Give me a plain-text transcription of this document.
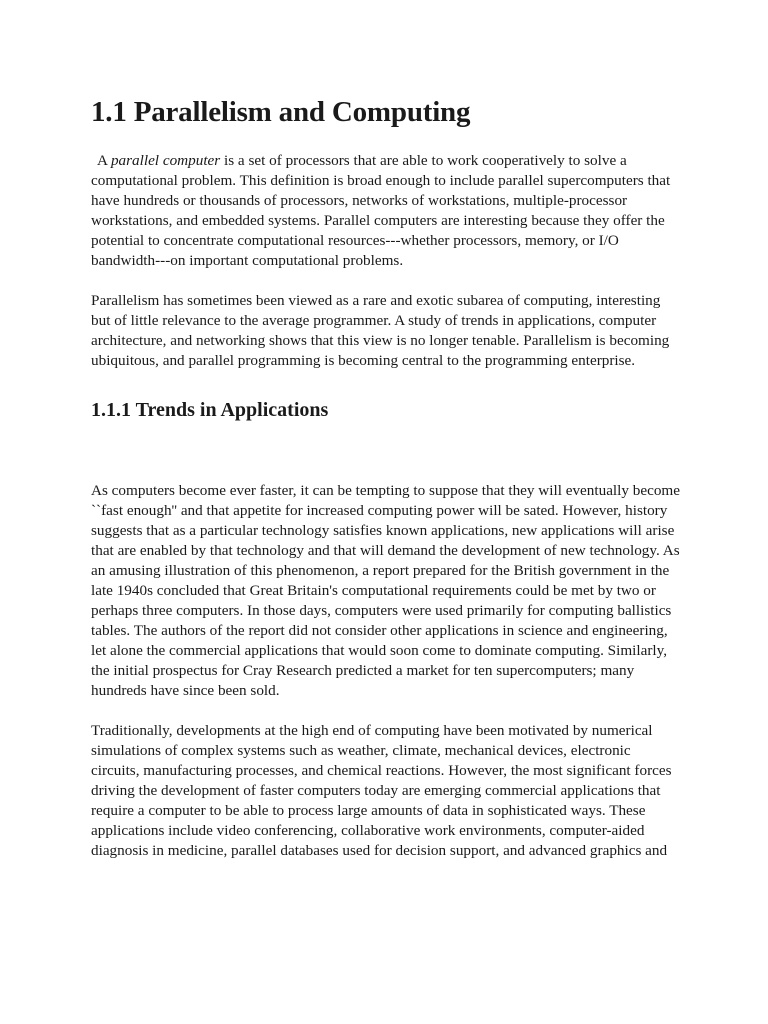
1.1 Parallelism and Computing

A parallel computer is a set of processors that are able to work cooperatively to solve a computational problem. This definition is broad enough to include parallel supercomputers that have hundreds or thousands of processors, networks of workstations, multiple-processor workstations, and embedded systems. Parallel computers are interesting because they offer the potential to concentrate computational resources---whether processors, memory, or I/O bandwidth---on important computational problems.

Parallelism has sometimes been viewed as a rare and exotic subarea of computing, interesting but of little relevance to the average programmer. A study of trends in applications, computer architecture, and networking shows that this view is no longer tenable. Parallelism is becoming ubiquitous, and parallel programming is becoming central to the programming enterprise.

1.1.1 Trends in Applications

As computers become ever faster, it can be tempting to suppose that they will eventually become ``fast enough'' and that appetite for increased computing power will be sated. However, history suggests that as a particular technology satisfies known applications, new applications will arise that are enabled by that technology and that will demand the development of new technology. As an amusing illustration of this phenomenon, a report prepared for the British government in the late 1940s concluded that Great Britain's computational requirements could be met by two or perhaps three computers. In those days, computers were used primarily for computing ballistics tables. The authors of the report did not consider other applications in science and engineering, let alone the commercial applications that would soon come to dominate computing. Similarly, the initial prospectus for Cray Research predicted a market for ten supercomputers; many hundreds have since been sold.

Traditionally, developments at the high end of computing have been motivated by numerical simulations of complex systems such as weather, climate, mechanical devices, electronic circuits, manufacturing processes, and chemical reactions. However, the most significant forces driving the development of faster computers today are emerging commercial applications that require a computer to be able to process large amounts of data in sophisticated ways. These applications include video conferencing, collaborative work environments, computer-aided diagnosis in medicine, parallel databases used for decision support, and advanced graphics and
